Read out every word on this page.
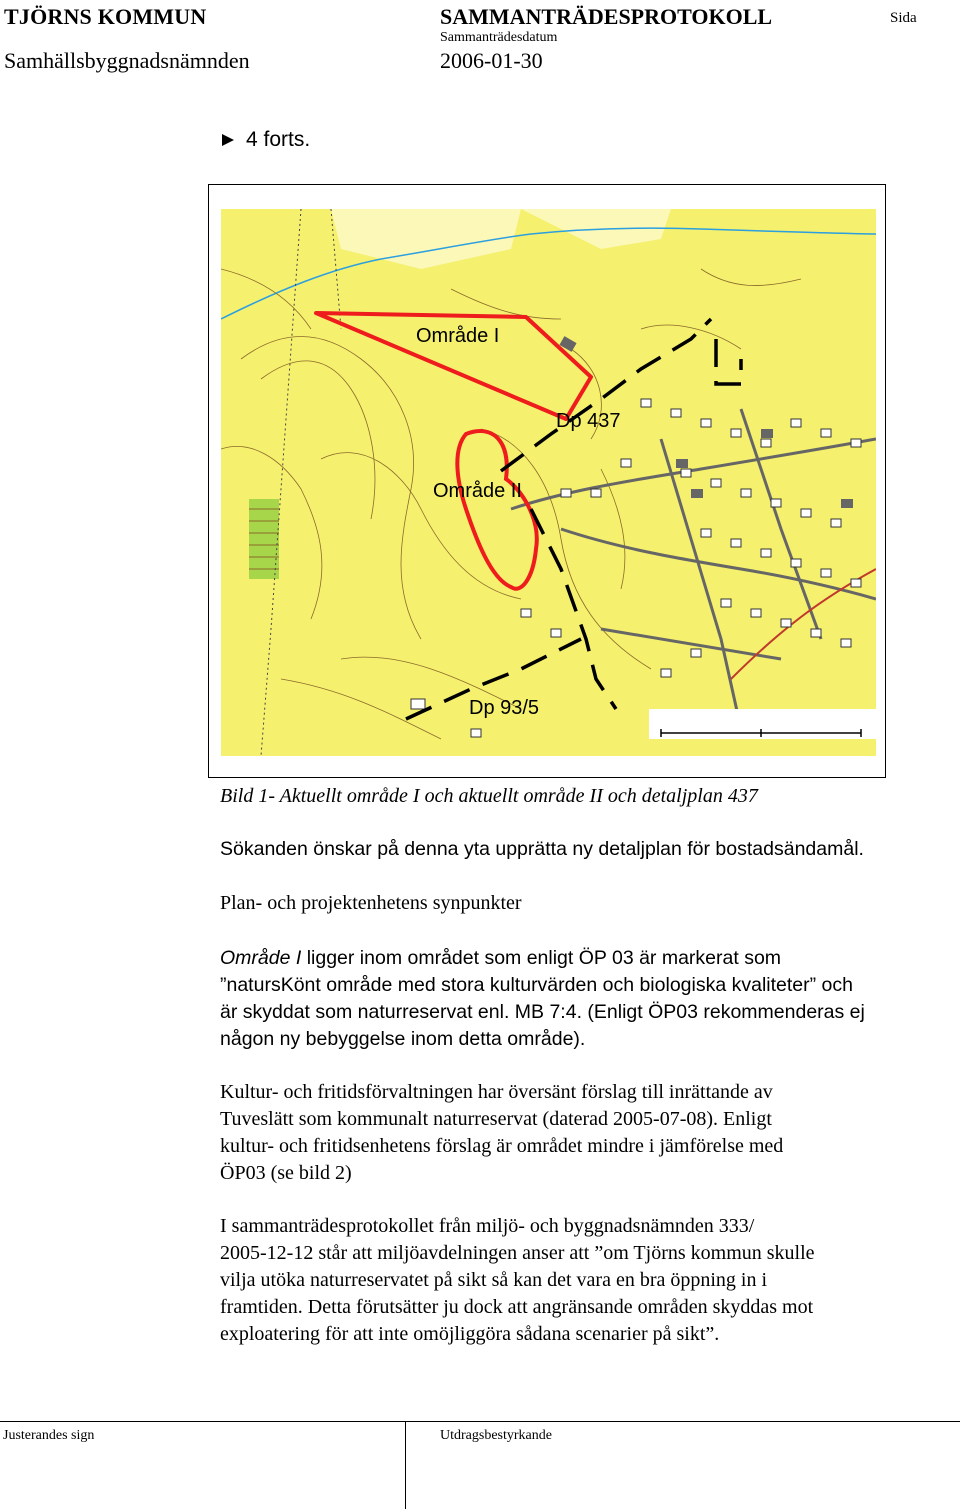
TJÖRNS KOMMUN
Samhällsbyggnadsnämnden
SAMMANTRÄDESPROTOKOLL
Sammanträdesdatum
2006-01-30
Sida
4 forts.
Område I
Dp 437
Område II
Dp 93/5
Bild 1- Aktuellt område I och aktuellt område II och detaljplan 437
Sökanden önskar på denna yta upprätta ny detaljplan för bostadsändamål.
Plan- och projektenhetens synpunkter
Område I ligger inom området som enligt ÖP 03 är markerat som
”natursKönt område med stora kulturvärden och biologiska kvaliteter” och
är skyddat som naturreservat enl. MB 7:4. (Enligt ÖP03 rekommenderas ej
någon ny bebyggelse inom detta område).
Kultur- och fritidsförvaltningen har översänt förslag till inrättande av
Tuveslätt som kommunalt naturreservat (daterad 2005-07-08). Enligt
kultur- och fritidsenhetens förslag är området mindre i jämförelse med
ÖP03 (se bild 2)
I sammanträdesprotokollet från miljö- och byggnadsnämnden 333/
2005-12-12 står att miljöavdelningen anser att ”om Tjörns kommun skulle
vilja utöka naturreservatet på sikt så kan det vara en bra öppning in i
framtiden. Detta förutsätter ju dock att angränsande områden skyddas mot
exploatering för att inte omöjliggöra sådana scenarier på sikt”.
Justerandes sign	Utdragsbestyrkande
